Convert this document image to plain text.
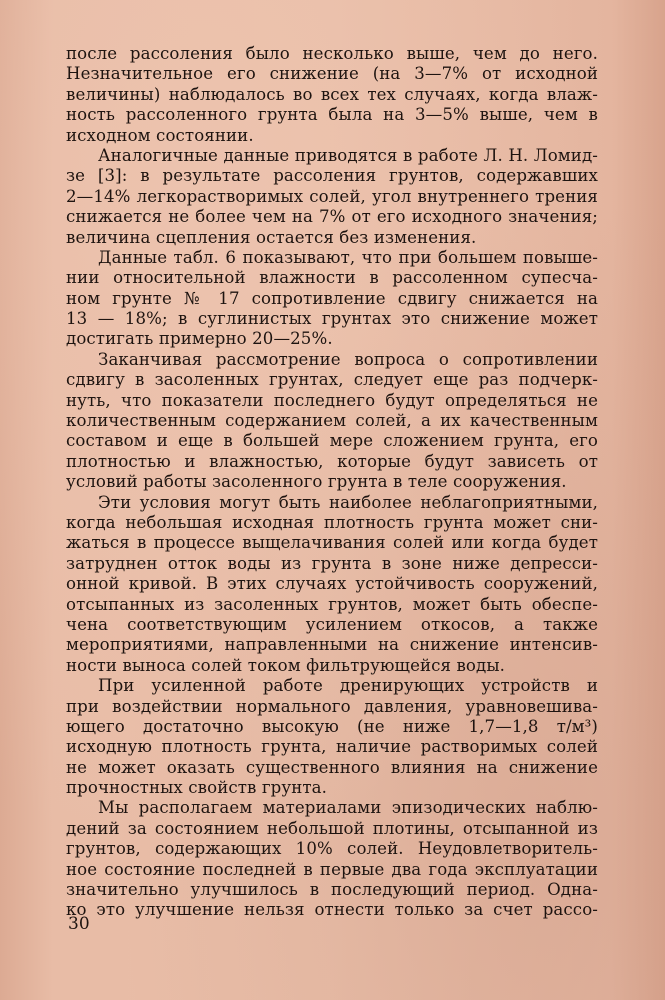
после рассоления было несколько выше, чем до него.
Незначительное его снижение (на 3—7% от исходной
величины) наблюдалось во всех тех случаях, когда влаж-
ность рассоленного грунта была на 3—5% выше, чем в
исходном состоянии.
Аналогичные данные приводятся в работе Л. Н. Ломид-
зе [3]: в результате рассоления грунтов, содержавших
2—14% легкорастворимых солей, угол внутреннего трения
снижается не более чем на 7% от его исходного значения;
величина сцепления остается без изменения.
Данные табл. 6 показывают, что при большем повыше-
нии относительной влажности в рассоленном супесча-
ном грунте № 17 сопротивление сдвигу снижается на
13 — 18%; в суглинистых грунтах это снижение может
достигать примерно 20—25%.
Заканчивая рассмотрение вопроса о сопротивлении
сдвигу в засоленных грунтах, следует еще раз подчерк-
нуть, что показатели последнего будут определяться не
количественным содержанием солей, а их качественным
составом и еще в большей мере сложением грунта, его
плотностью и влажностью, которые будут зависеть от
условий работы засоленного грунта в теле сооружения.
Эти условия могут быть наиболее неблагоприятными,
когда небольшая исходная плотность грунта может сни-
жаться в процессе выщелачивания солей или когда будет
затруднен отток воды из грунта в зоне ниже депресси-
онной кривой. В этих случаях устойчивость сооружений,
отсыпанных из засоленных грунтов, может быть обеспе-
чена соответствующим усилением откосов, а также
мероприятиями, направленными на снижение интенсив-
ности выноса солей током фильтрующейся воды.
При усиленной работе дренирующих устройств и
при воздействии нормального давления, уравновешива-
ющего достаточно высокую (не ниже 1,7—1,8 т/м³)
исходную плотность грунта, наличие растворимых солей
не может оказать существенного влияния на снижение
прочностных свойств грунта.
Мы располагаем материалами эпизодических наблю-
дений за состоянием небольшой плотины, отсыпанной из
грунтов, содержающих 10% солей. Неудовлетворитель-
ное состояние последней в первые два года эксплуатации
значительно улучшилось в последующий период. Одна-
ко это улучшение нельзя отнести только за счет рассо-
30
